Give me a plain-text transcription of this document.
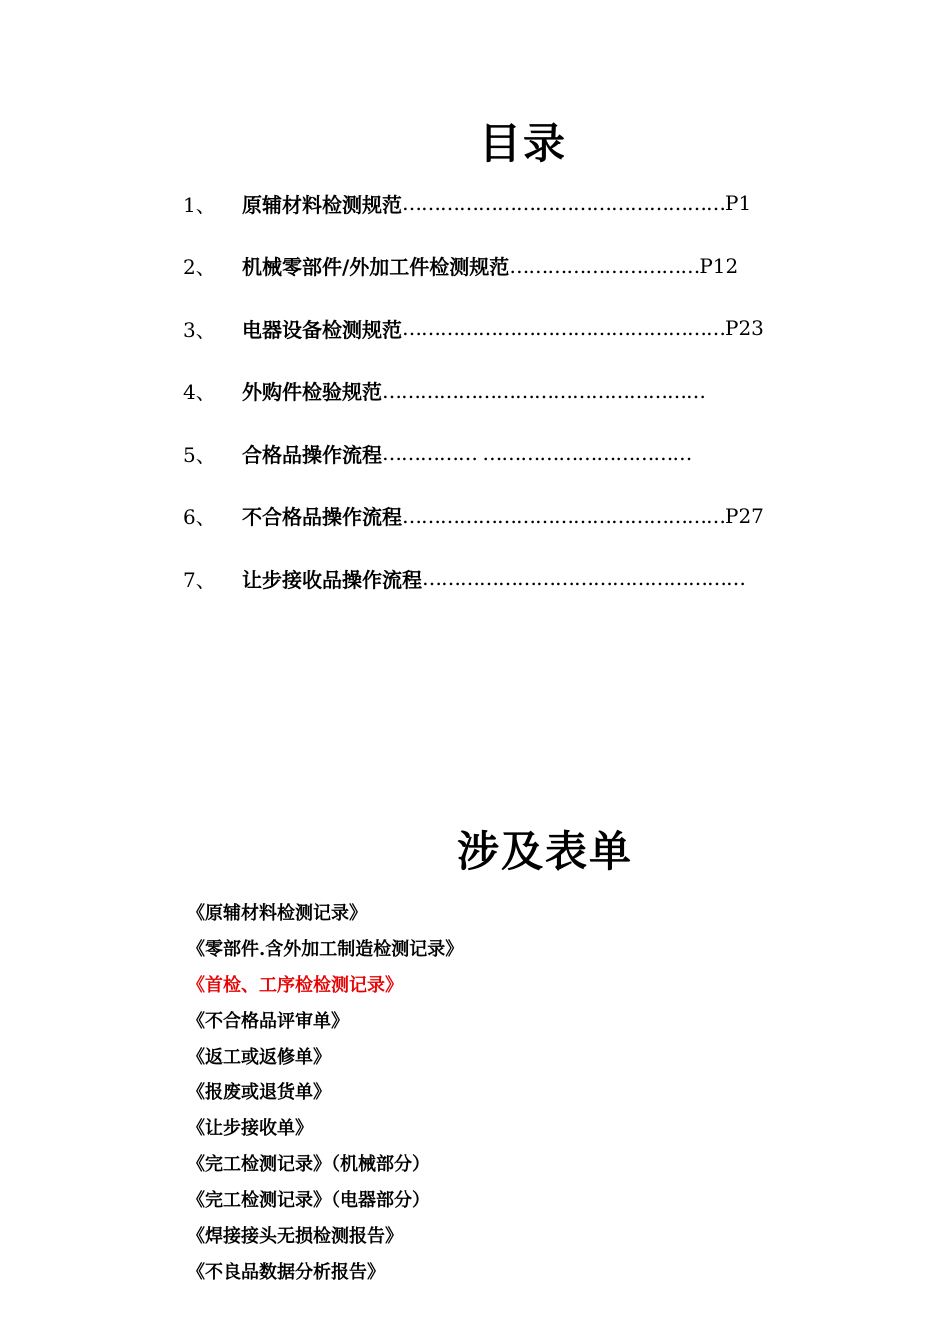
目录
1、	原辅材料检测规范 …………………………………………… P1
2、	机械零部件/外加工件检测规范 ………………………… P12
3、	电器设备检测规范 …………………………………………… P23
4、	外购件检验规范 ……………………………………………
5、	合格品操作流程 …………… ……………………………
6、	不合格品操作流程 …………………………………………… P27
7、	让步接收品操作流程 ……………………………………………
涉及表单
《原辅材料检测记录》
《零部件.含外加工制造检测记录》
《首检、工序检检测记录》
《不合格品评审单》
《返工或返修单》
《报废或退货单》
《让步接收单》
《完工检测记录》（机械部分）
《完工检测记录》（电器部分）
《焊接接头无损检测报告》
《不良品数据分析报告》
